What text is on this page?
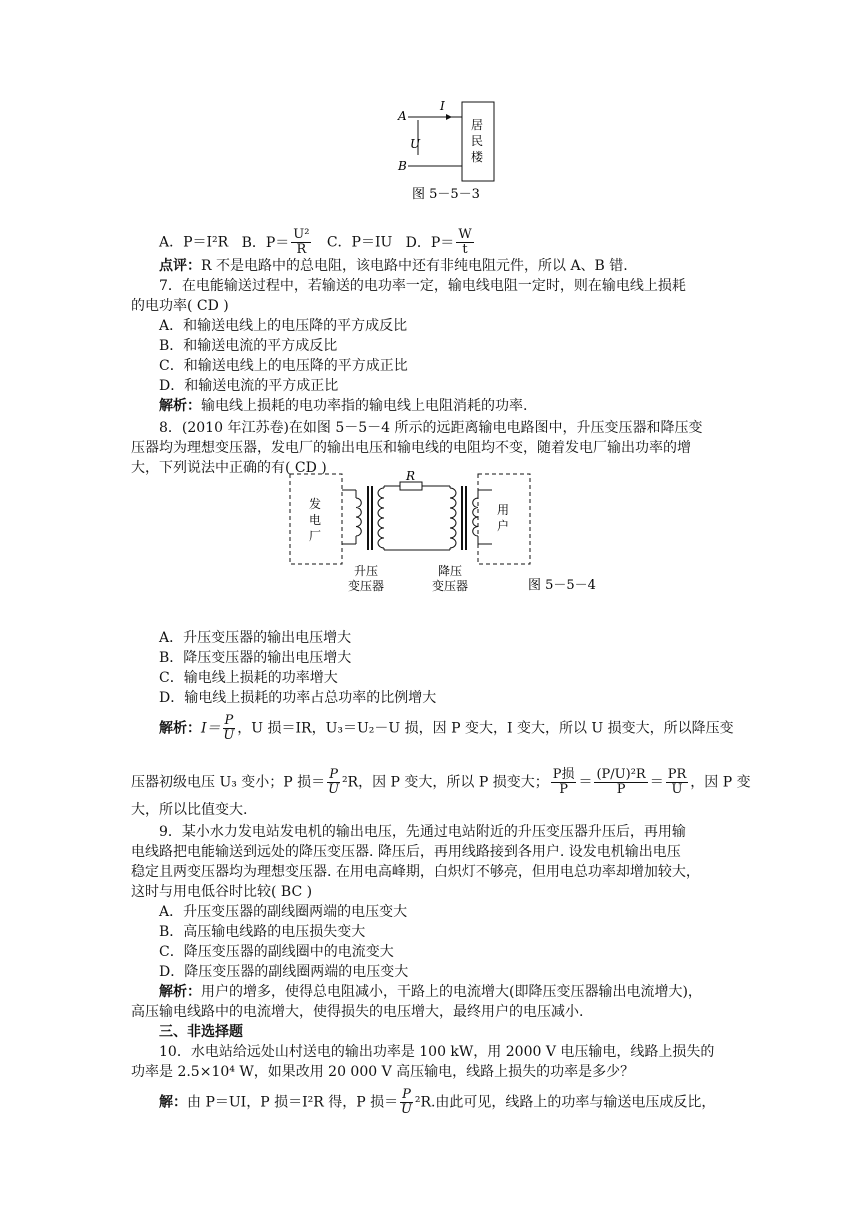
A
I
U
B
居
民
楼
图 5－5－3
A．P＝I²R B．$P= \frac{\text{U²}}{R}$ C．P＝IU D．$P= \frac{W}{t}$
点评：R 不是电路中的总电阻，该电路中还有非纯电阻元件，所以 A、B 错.
7．在电能输送过程中，若输送的电功率一定，输电线电阻一定时，则在输电线上损耗
的电功率( CD )
A．和输送电线上的电压降的平方成反比
B．和输送电流的平方成反比
C．和输送电线上的电压降的平方成正比
D．和输送电流的平方成正比
解析：输电线上损耗的电功率指的输电线上电阻消耗的功率.
8．(2010 年江苏卷)在如图 5－5－4 所示的远距离输电电路图中，升压变压器和降压变
压器均为理想变压器，发电厂的输出电压和输电线的电阻均不变，随着发电厂输出功率的增
大，下列说法中正确的有( CD )
发
电
厂
R
用
户
升压
变压器
降压
变压器	图 5－5－4
A．升压变压器的输出电压增大
B．降压变压器的输出电压增大
C．输电线上损耗的功率增大
D．输电线上损耗的功率占总功率的比例增大
解析：$I= \frac{P}{U}$ ，U 损＝IR，U₃＝U₂－U 损，因 P 变大，I 变大，所以 U 损变大，所以降压变
压器初级电压 U₃ 变小；P 损＝ $\frac{P}{U} ^2R$，因 P 变大，所以 P 损变大； P损
$P = \frac{\text{(P/U)²R}}{P} = \frac{PR}{U}$ ，因 P 变
大，所以比值变大.
9．某小水力发电站发电机的输出电压，先通过电站附近的升压变压器升压后，再用输
电线路把电能输送到远处的降压变压器. 降压后，再用线路接到各用户. 设发电机输出电压
稳定且两变压器均为理想变压器. 在用电高峰期，白炽灯不够亮，但用电总功率却增加较大，
这时与用电低谷时比较( BC )
A．升压变压器的副线圈两端的电压变大
B．高压输电线路的电压损失变大
C．降压变压器的副线圈中的电流变大
D．降压变压器的副线圈两端的电压变大
解析：用户的增多，使得总电阻减小，干路上的电流增大(即降压变压器输出电流增大)，
高压输电线路中的电流增大，使得损失的电压增大，最终用户的电压减小.
三、非选择题
10．水电站给远处山村送电的输出功率是 100 kW，用 2000 V 电压输电，线路上损失的
功率是 2.5×10⁴ W，如果改用 20 000 V 高压输电，线路上损失的功率是多少？
解：由 P＝UI，P 损＝I²R 得，P 损＝ $\frac{P}{U} ^2R$.由此可见，线路上的功率与输送电压成反比，
